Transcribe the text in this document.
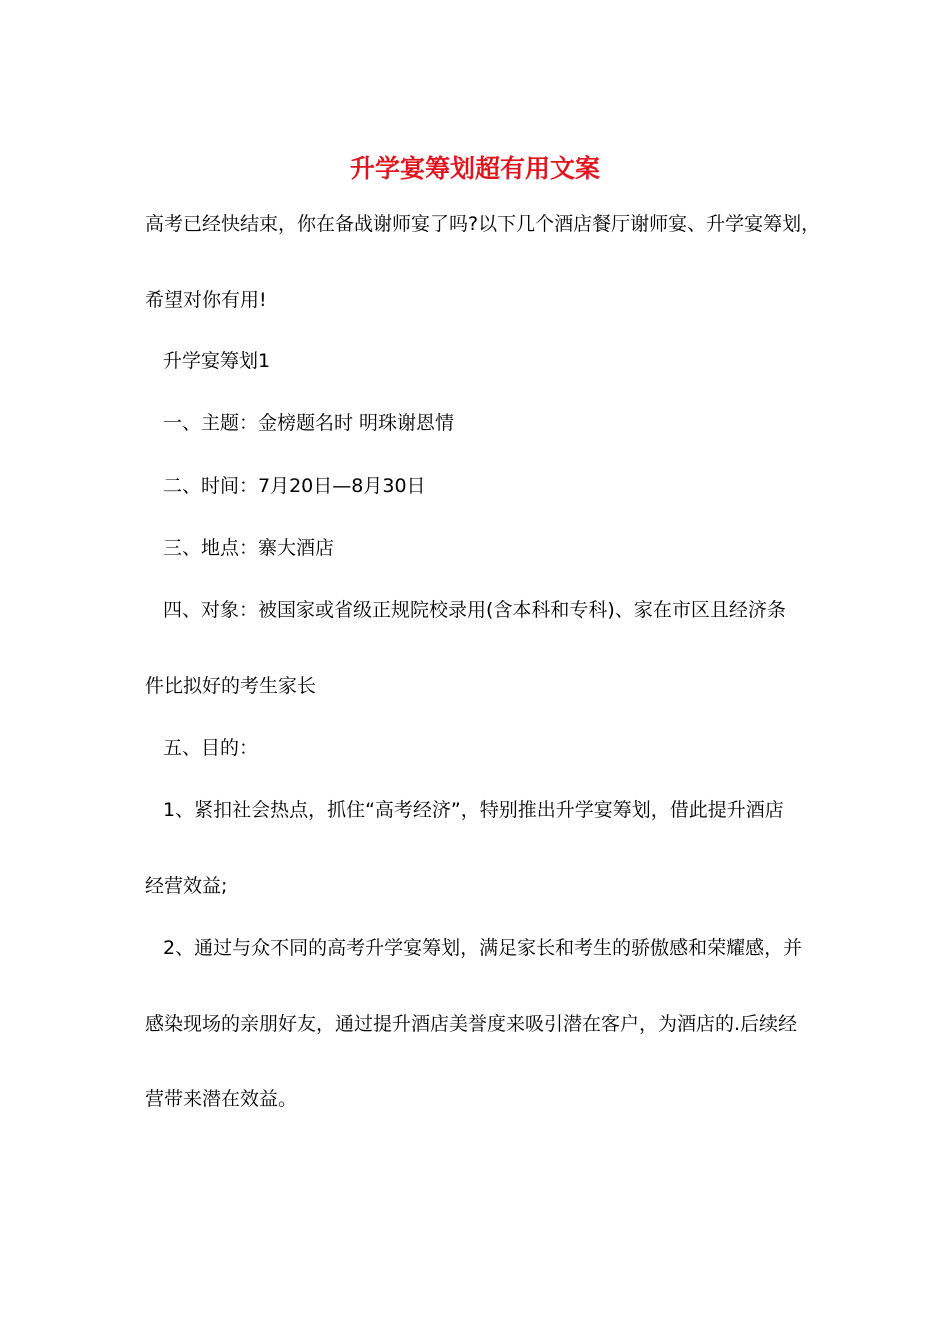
升学宴筹划超有用文案
高考已经快结束，你在备战谢师宴了吗?以下几个酒店餐厅谢师宴、升学宴筹划，
希望对你有用!
升学宴筹划1
一、主题：金榜题名时 明珠谢恩情
二、时间：7月20日—8月30日
三、地点：寨大酒店
四、对象：被国家或省级正规院校录用(含本科和专科)、家在市区且经济条
件比拟好的考生家长
五、目的：
1、紧扣社会热点，抓住“高考经济”，特别推出升学宴筹划，借此提升酒店
经营效益;
2、通过与众不同的高考升学宴筹划，满足家长和考生的骄傲感和荣耀感，并
感染现场的亲朋好友，通过提升酒店美誉度来吸引潜在客户，为酒店的.后续经
营带来潜在效益。
